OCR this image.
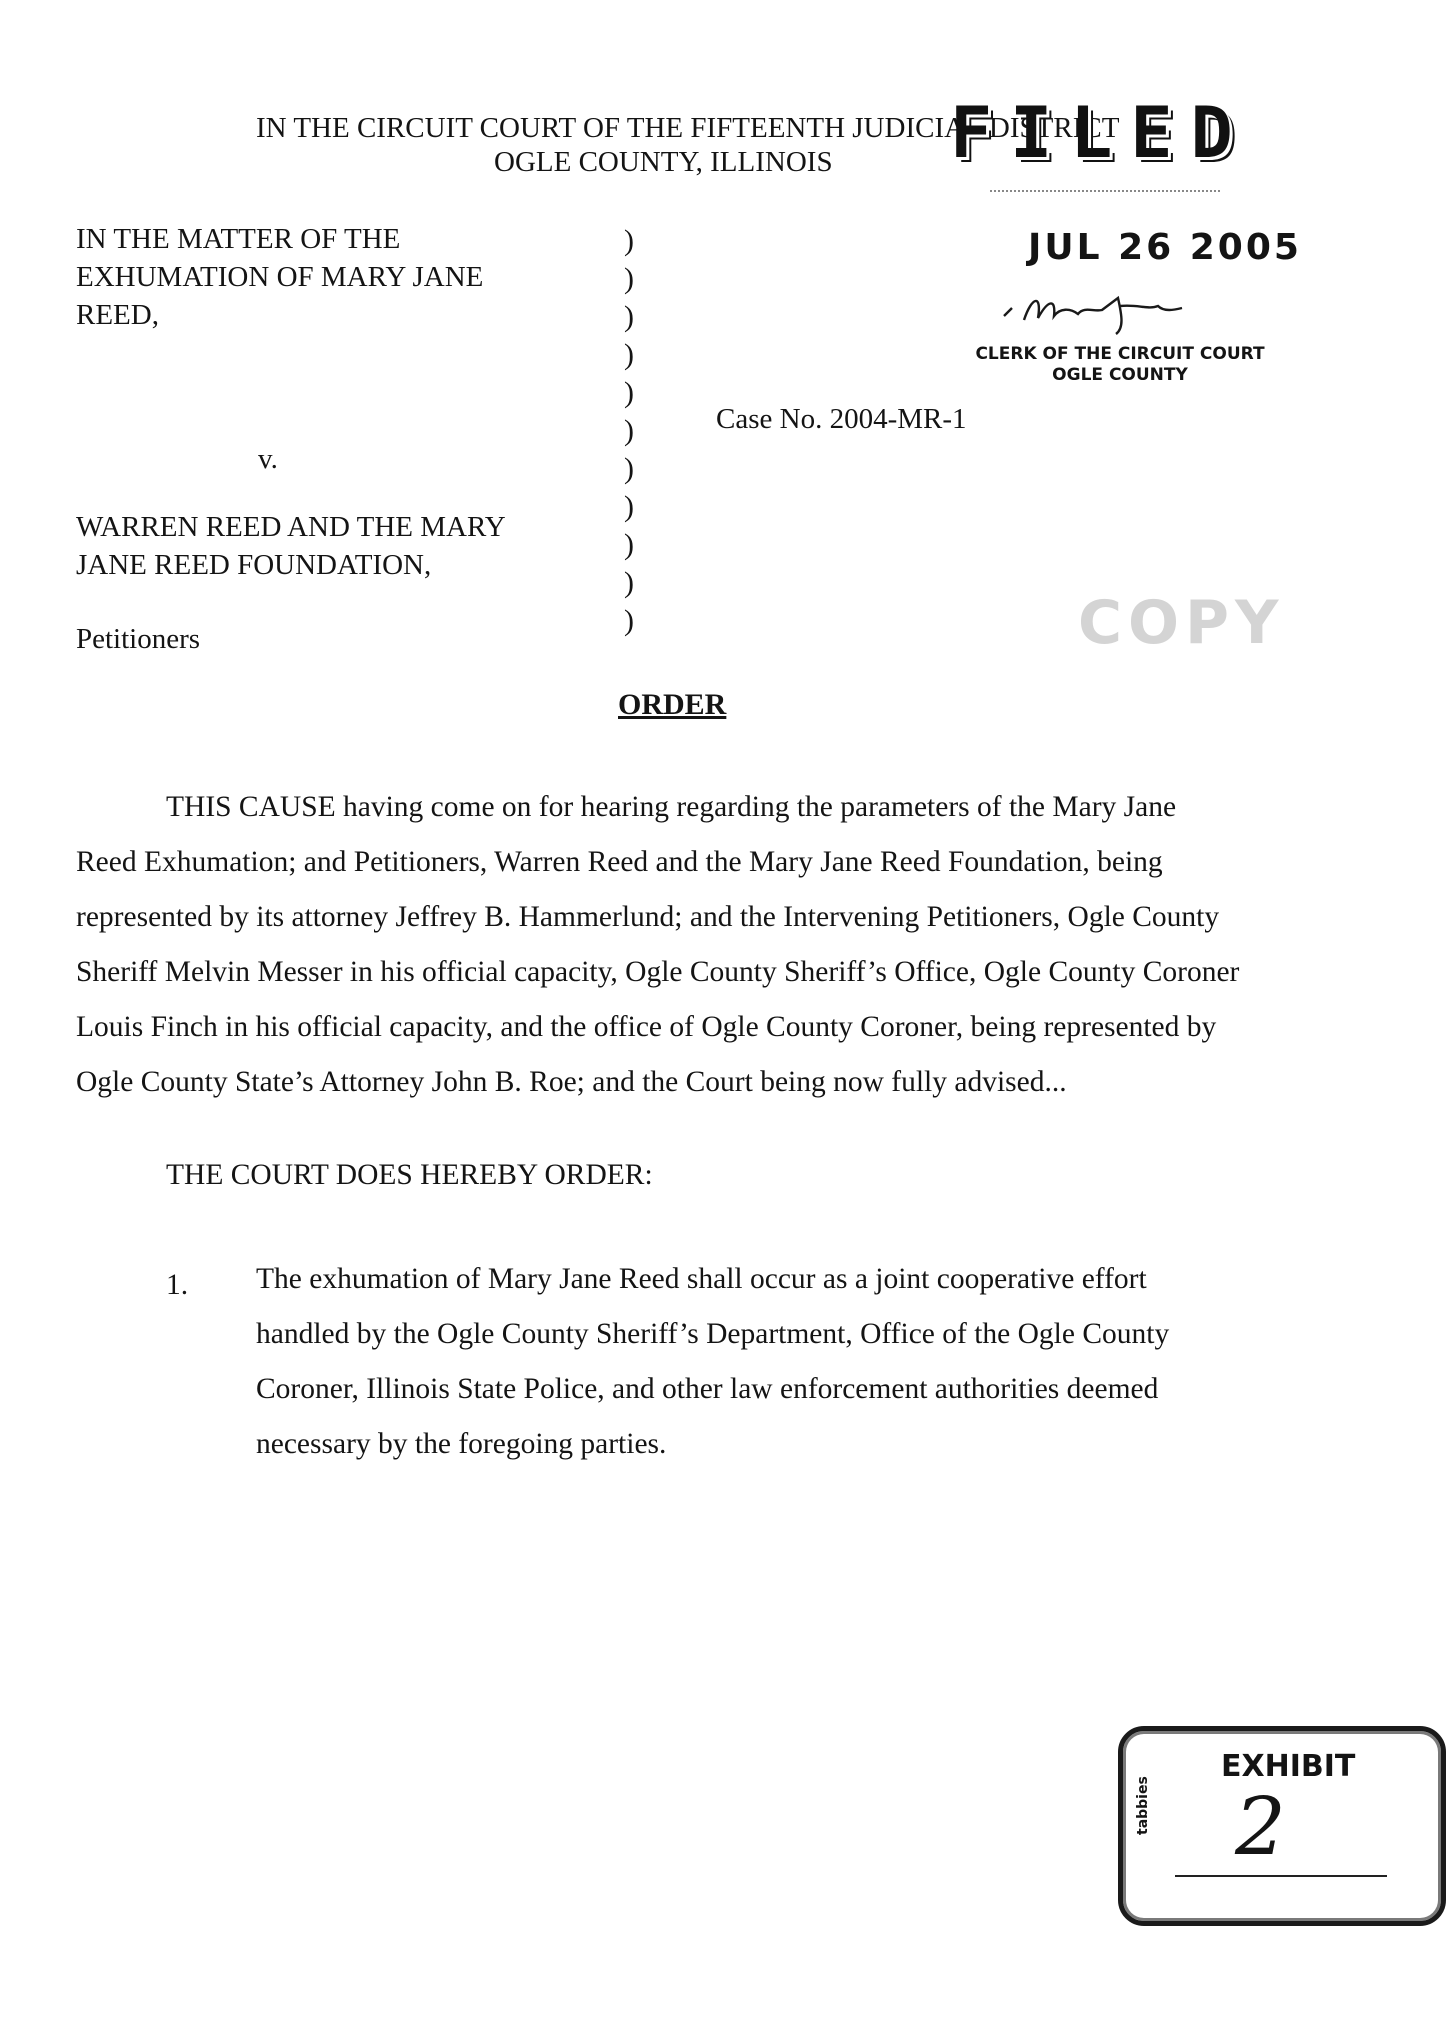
IN THE CIRCUIT COURT OF THE FIFTEENTH JUDICIAL DISTRICT
OGLE COUNTY, ILLINOIS FILED
JUL 26 2005
CLERK OF THE CIRCUIT COURT
OGLE COUNTY
IN THE MATTER OF THE
EXHUMATION OF MARY JANE
REED,
v.
WARREN REED AND THE MARY
JANE REED FOUNDATION,
Petitioners
)
)
)
)
)
)
)
)
)
)
)
Case No. 2004-MR-1
COPY
ORDER
THIS CAUSE having come on for hearing regarding the parameters of the Mary Jane
Reed Exhumation; and Petitioners, Warren Reed and the Mary Jane Reed Foundation, being
represented by its attorney Jeffrey B. Hammerlund; and the Intervening Petitioners, Ogle County
Sheriff Melvin Messer in his official capacity, Ogle County Sheriff’s Office, Ogle County Coroner
Louis Finch in his official capacity, and the office of Ogle County Coroner, being represented by
Ogle County State’s Attorney John B. Roe; and the Court being now fully advised...
THE COURT DOES HEREBY ORDER:
1. The exhumation of Mary Jane Reed shall occur as a joint cooperative effort
handled by the Ogle County Sheriff’s Department, Office of the Ogle County
Coroner, Illinois State Police, and other law enforcement authorities deemed
necessary by the foregoing parties.
EXHIBIT
tabbies 2
